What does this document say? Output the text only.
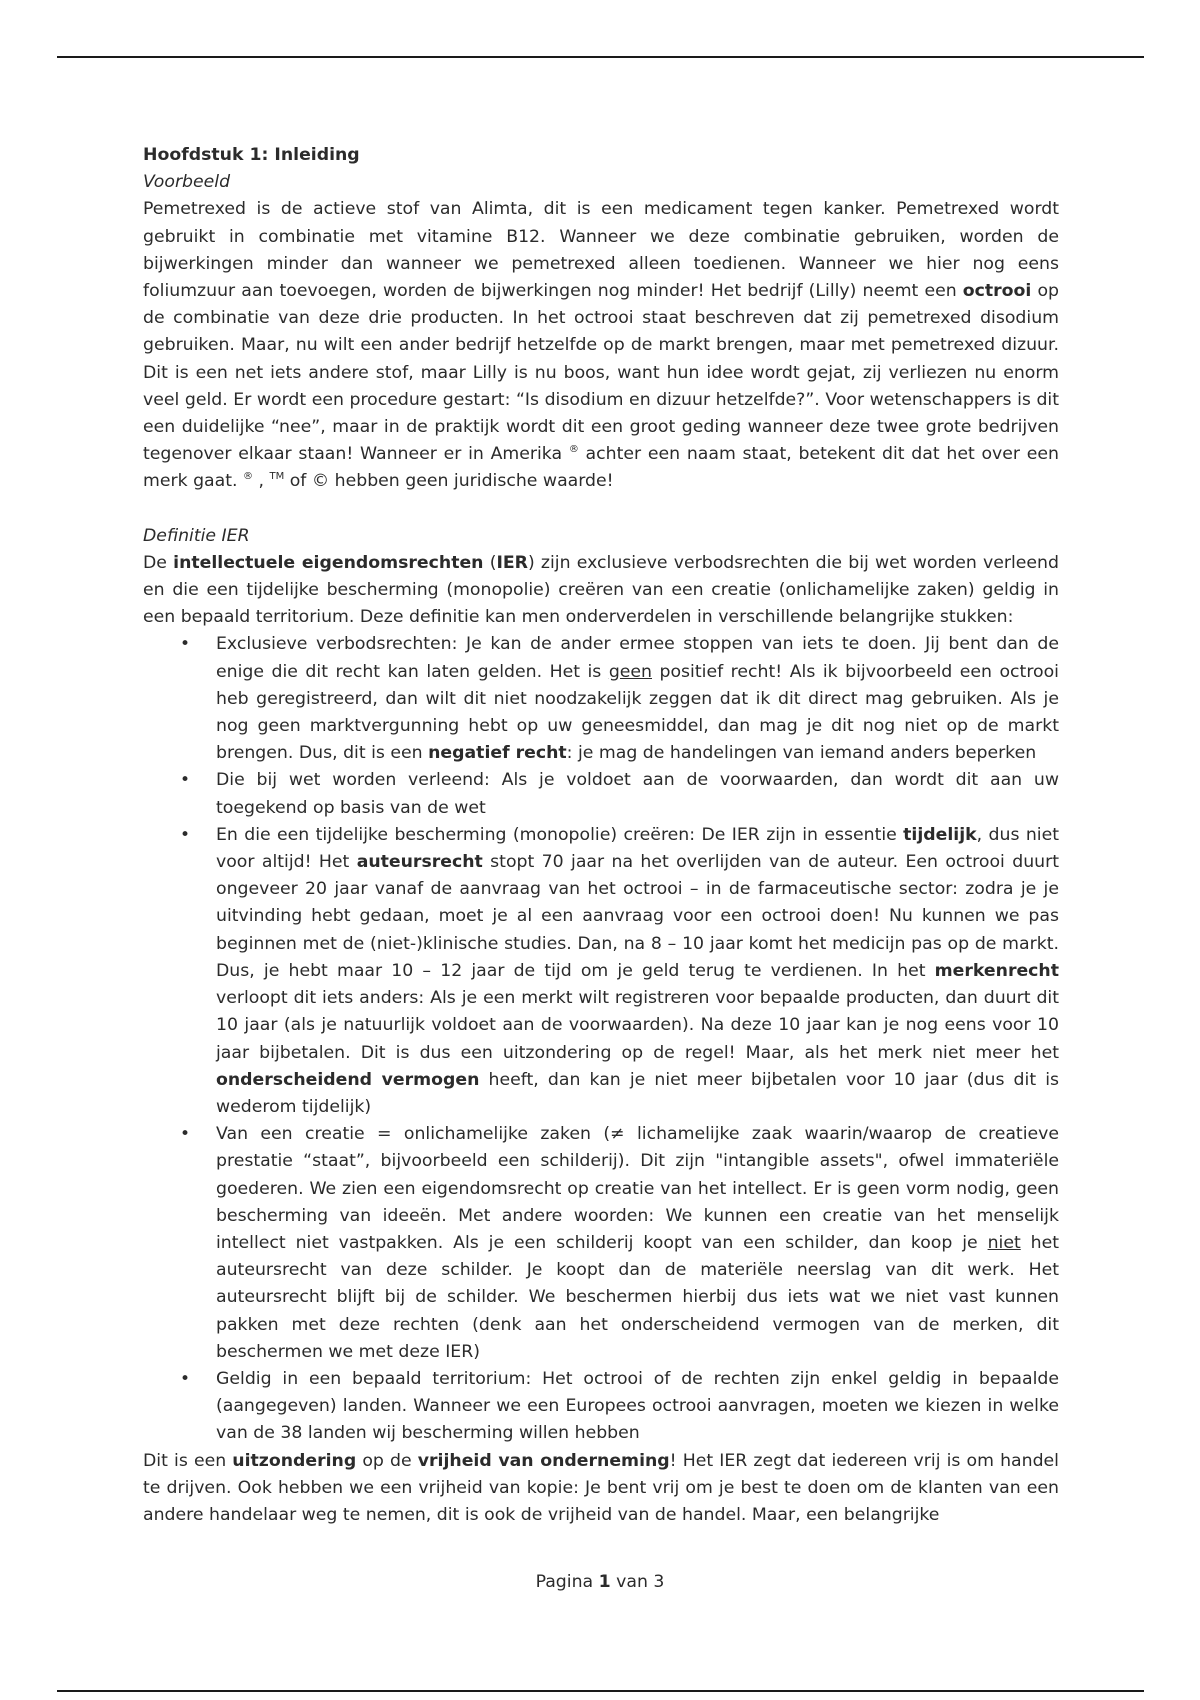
Hoofdstuk 1: Inleiding

Voorbeeld

Pemetrexed is de actieve stof van Alimta, dit is een medicament tegen kanker. Pemetrexed wordt gebruikt in combinatie met vitamine B12. Wanneer we deze combinatie gebruiken, worden de bijwerkingen minder dan wanneer we pemetrexed alleen toedienen. Wanneer we hier nog eens foliumzuur aan toevoegen, worden de bijwerkingen nog minder! Het bedrijf (Lilly) neemt een octrooi op de combinatie van deze drie producten. In het octrooi staat beschreven dat zij pemetrexed disodium gebruiken. Maar, nu wilt een ander bedrijf hetzelfde op de markt brengen, maar met pemetrexed dizuur. Dit is een net iets andere stof, maar Lilly is nu boos, want hun idee wordt gejat, zij verliezen nu enorm veel geld. Er wordt een procedure gestart: “Is disodium en dizuur hetzelfde?”. Voor wetenschappers is dit een duidelijke “nee”, maar in de praktijk wordt dit een groot geding wanneer deze twee grote bedrijven tegenover elkaar staan! Wanneer er in Amerika ® achter een naam staat, betekent dit dat het over een merk gaat. ® , ™ of © hebben geen juridische waarde!

Definitie IER

De intellectuele eigendomsrechten (IER) zijn exclusieve verbodsrechten die bij wet worden verleend en die een tijdelijke bescherming (monopolie) creëren van een creatie (onlichamelijke zaken) geldig in een bepaald territorium. Deze definitie kan men onderverdelen in verschillende belangrijke stukken:

• Exclusieve verbodsrechten: Je kan de ander ermee stoppen van iets te doen. Jij bent dan de enige die dit recht kan laten gelden. Het is geen positief recht! Als ik bijvoorbeeld een octrooi heb geregistreerd, dan wilt dit niet noodzakelijk zeggen dat ik dit direct mag gebruiken. Als je nog geen marktvergunning hebt op uw geneesmiddel, dan mag je dit nog niet op de markt brengen. Dus, dit is een negatief recht: je mag de handelingen van iemand anders beperken
• Die bij wet worden verleend: Als je voldoet aan de voorwaarden, dan wordt dit aan uw toegekend op basis van de wet
• En die een tijdelijke bescherming (monopolie) creëren: De IER zijn in essentie tijdelijk, dus niet voor altijd! Het auteursrecht stopt 70 jaar na het overlijden van de auteur. Een octrooi duurt ongeveer 20 jaar vanaf de aanvraag van het octrooi – in de farmaceutische sector: zodra je je uitvinding hebt gedaan, moet je al een aanvraag voor een octrooi doen! Nu kunnen we pas beginnen met de (niet-)klinische studies. Dan, na 8 – 10 jaar komt het medicijn pas op de markt. Dus, je hebt maar 10 – 12 jaar de tijd om je geld terug te verdienen. In het merkenrecht verloopt dit iets anders: Als je een merkt wilt registreren voor bepaalde producten, dan duurt dit 10 jaar (als je natuurlijk voldoet aan de voorwaarden). Na deze 10 jaar kan je nog eens voor 10 jaar bijbetalen. Dit is dus een uitzondering op de regel! Maar, als het merk niet meer het onderscheidend vermogen heeft, dan kan je niet meer bijbetalen voor 10 jaar (dus dit is wederom tijdelijk)
• Van een creatie = onlichamelijke zaken (≠ lichamelijke zaak waarin/waarop de creatieve prestatie “staat”, bijvoorbeeld een schilderij). Dit zijn "intangible assets", ofwel immateriële goederen. We zien een eigendomsrecht op creatie van het intellect. Er is geen vorm nodig, geen bescherming van ideeën. Met andere woorden: We kunnen een creatie van het menselijk intellect niet vastpakken. Als je een schilderij koopt van een schilder, dan koop je niet het auteursrecht van deze schilder. Je koopt dan de materiële neerslag van dit werk. Het auteursrecht blijft bij de schilder. We beschermen hierbij dus iets wat we niet vast kunnen pakken met deze rechten (denk aan het onderscheidend vermogen van de merken, dit beschermen we met deze IER)
• Geldig in een bepaald territorium: Het octrooi of de rechten zijn enkel geldig in bepaalde (aangegeven) landen. Wanneer we een Europees octrooi aanvragen, moeten we kiezen in welke van de 38 landen wij bescherming willen hebben

Dit is een uitzondering op de vrijheid van onderneming! Het IER zegt dat iedereen vrij is om handel te drijven. Ook hebben we een vrijheid van kopie: Je bent vrij om je best te doen om de klanten van een andere handelaar weg te nemen, dit is ook de vrijheid van de handel. Maar, een belangrijke

Pagina 1 van 3
